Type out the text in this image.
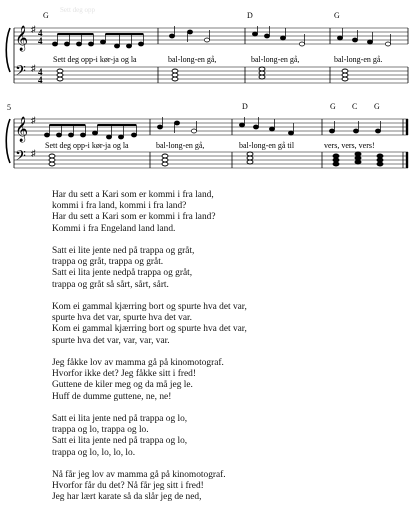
Sett deg opp
𝄞
𝄢
♯
♯
4
4
4
4
G	D	G
Sett deg opp-i kør-ja og la	bal-long-en gå,	bal-long-en gå,	bal-long-en gå.
5
𝄞
𝄢
♯
♯
D	G C G
Sett deg opp-i kør-ja og la	bal-long-en gå,	bal-long-en gå til	vers, vers, vers!
Har du sett a Kari som er kommi i fra land,
kommi i fra land, kommi i fra land?
Har du sett a Kari som er kommi i fra land?
Kommi i fra Engeland land land.
Satt ei lite jente ned på trappa og gråt,
trappa og gråt, trappa og gråt.
Satt ei lita jente nedpå trappa og gråt,
trappa og gråt så sårt, sårt, sårt.
Kom ei gammal kjærring bort og spurte hva det var,
spurte hva det var, spurte hva det var.
Kom ei gammal kjærring bort og spurte hva det var,
spurte hva det var, var, var, var.
Jeg fåkke lov av mamma gå på kinomotograf.
Hvorfor ikke det? Jeg fåkke sitt i fred!
Guttene de kiler meg og da må jeg le.
Huff de dumme guttene, ne, ne!
Satt ei lita jente ned på trappa og lo,
trappa og lo, trappa og lo.
Satt ei lita jente ned på trappa og lo,
trappa og lo, lo, lo, lo.
Nå får jeg lov av mamma gå på kinomotograf.
Hvorfor får du det? Nå får jeg sitt i fred!
Jeg har lært karate så da slår jeg de ned,
